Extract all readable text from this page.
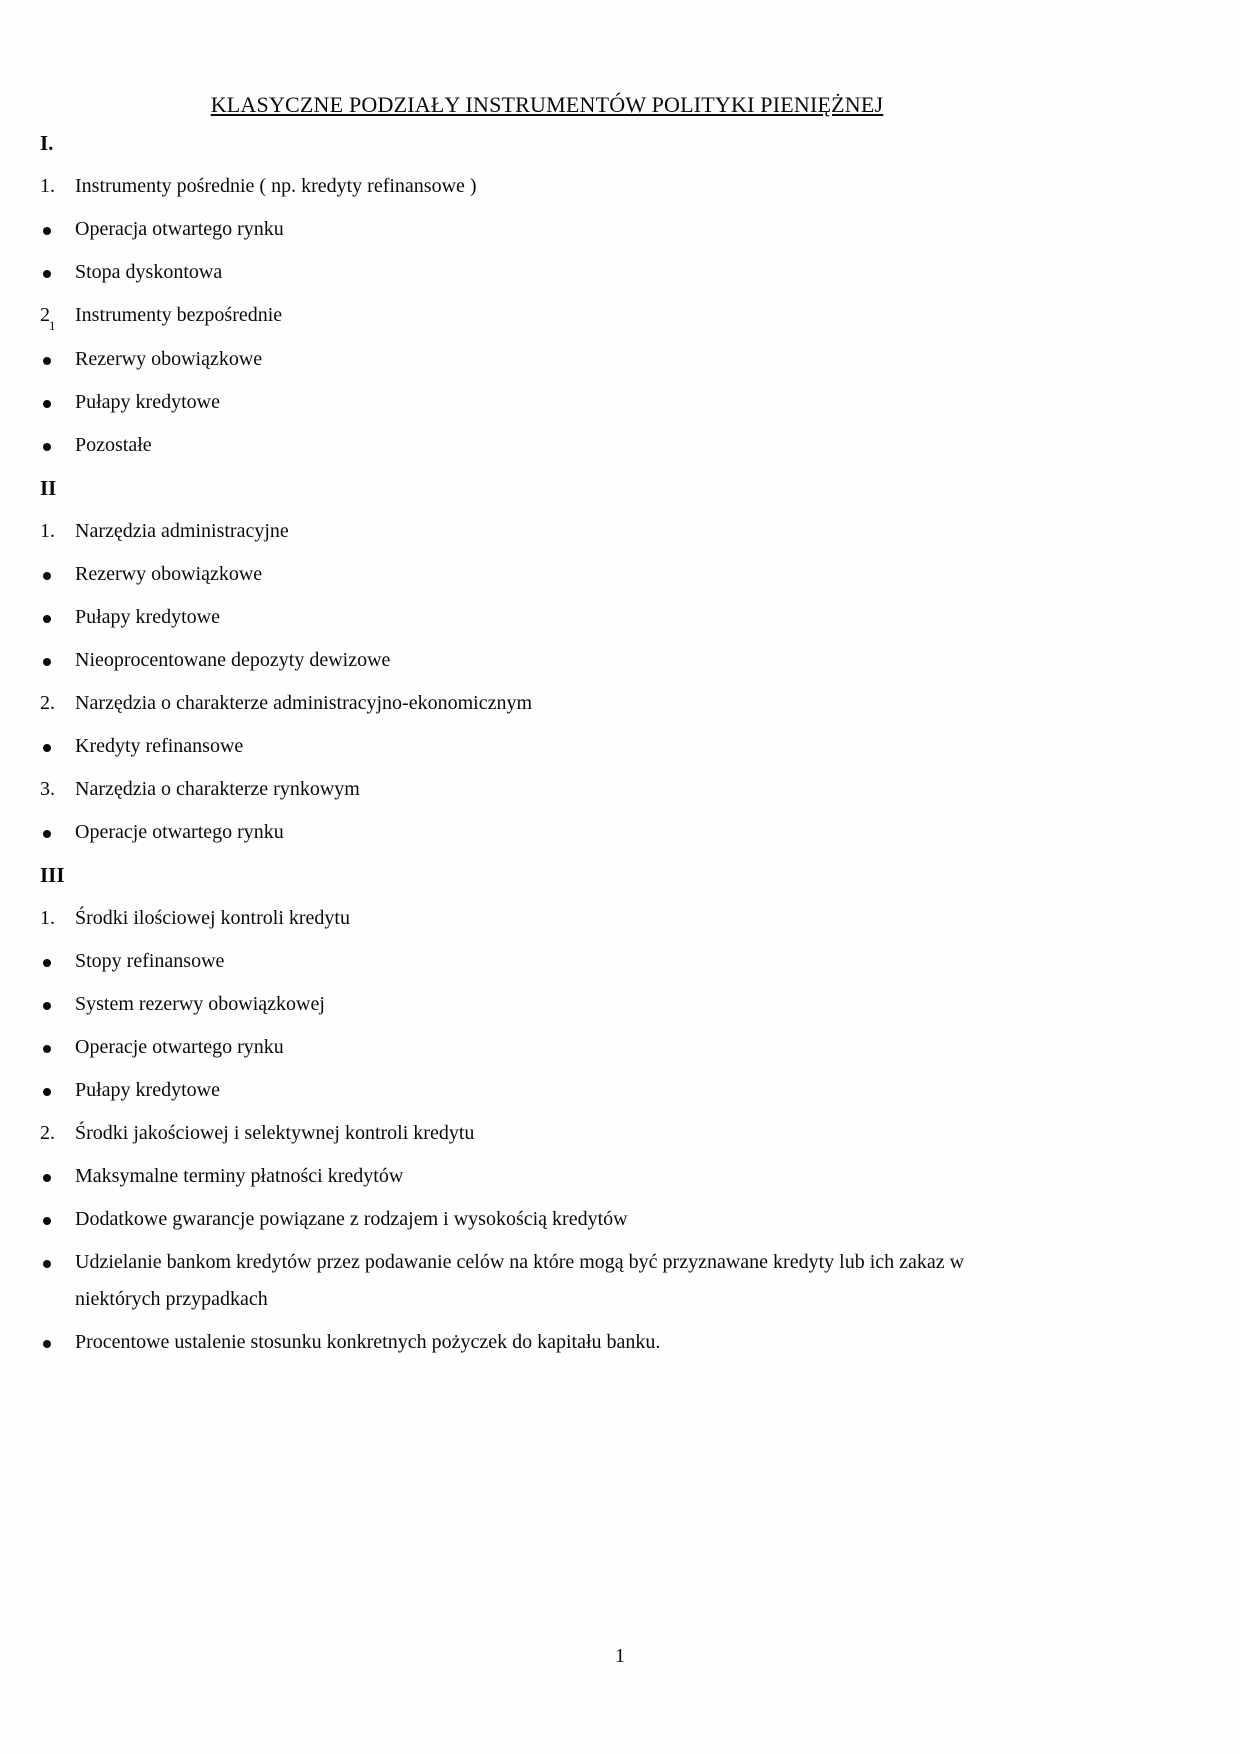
KLASYCZNE PODZIAŁY INSTRUMENTÓW POLITYKI PIENIĘŻNEJ
I.
1.	Instrumenty pośrednie ( np. kredyty refinansowe )
Operacja otwartego rynku
Stopa dyskontowa
$2_1$ Instrumenty bezpośrednie
Rezerwy obowiązkowe
Pułapy kredytowe
Pozostałe
II
1.	Narzędzia administracyjne
Rezerwy obowiązkowe
Pułapy kredytowe
Nieoprocentowane depozyty dewizowe
2.	Narzędzia o charakterze administracyjno-ekonomicznym
Kredyty refinansowe
3.	Narzędzia o charakterze rynkowym
Operacje otwartego rynku
III
1.	Środki ilościowej kontroli kredytu
Stopy refinansowe
System rezerwy obowiązkowej
Operacje otwartego rynku
Pułapy kredytowe
2.	Środki jakościowej i selektywnej kontroli kredytu
Maksymalne terminy płatności kredytów
Dodatkowe gwarancje powiązane z rodzajem i wysokością kredytów
Udzielanie bankom kredytów przez podawanie celów na które mogą być przyznawane kredyty lub ich zakaz w niektórych przypadkach
Procentowe ustalenie stosunku konkretnych pożyczek do kapitału banku.
1
